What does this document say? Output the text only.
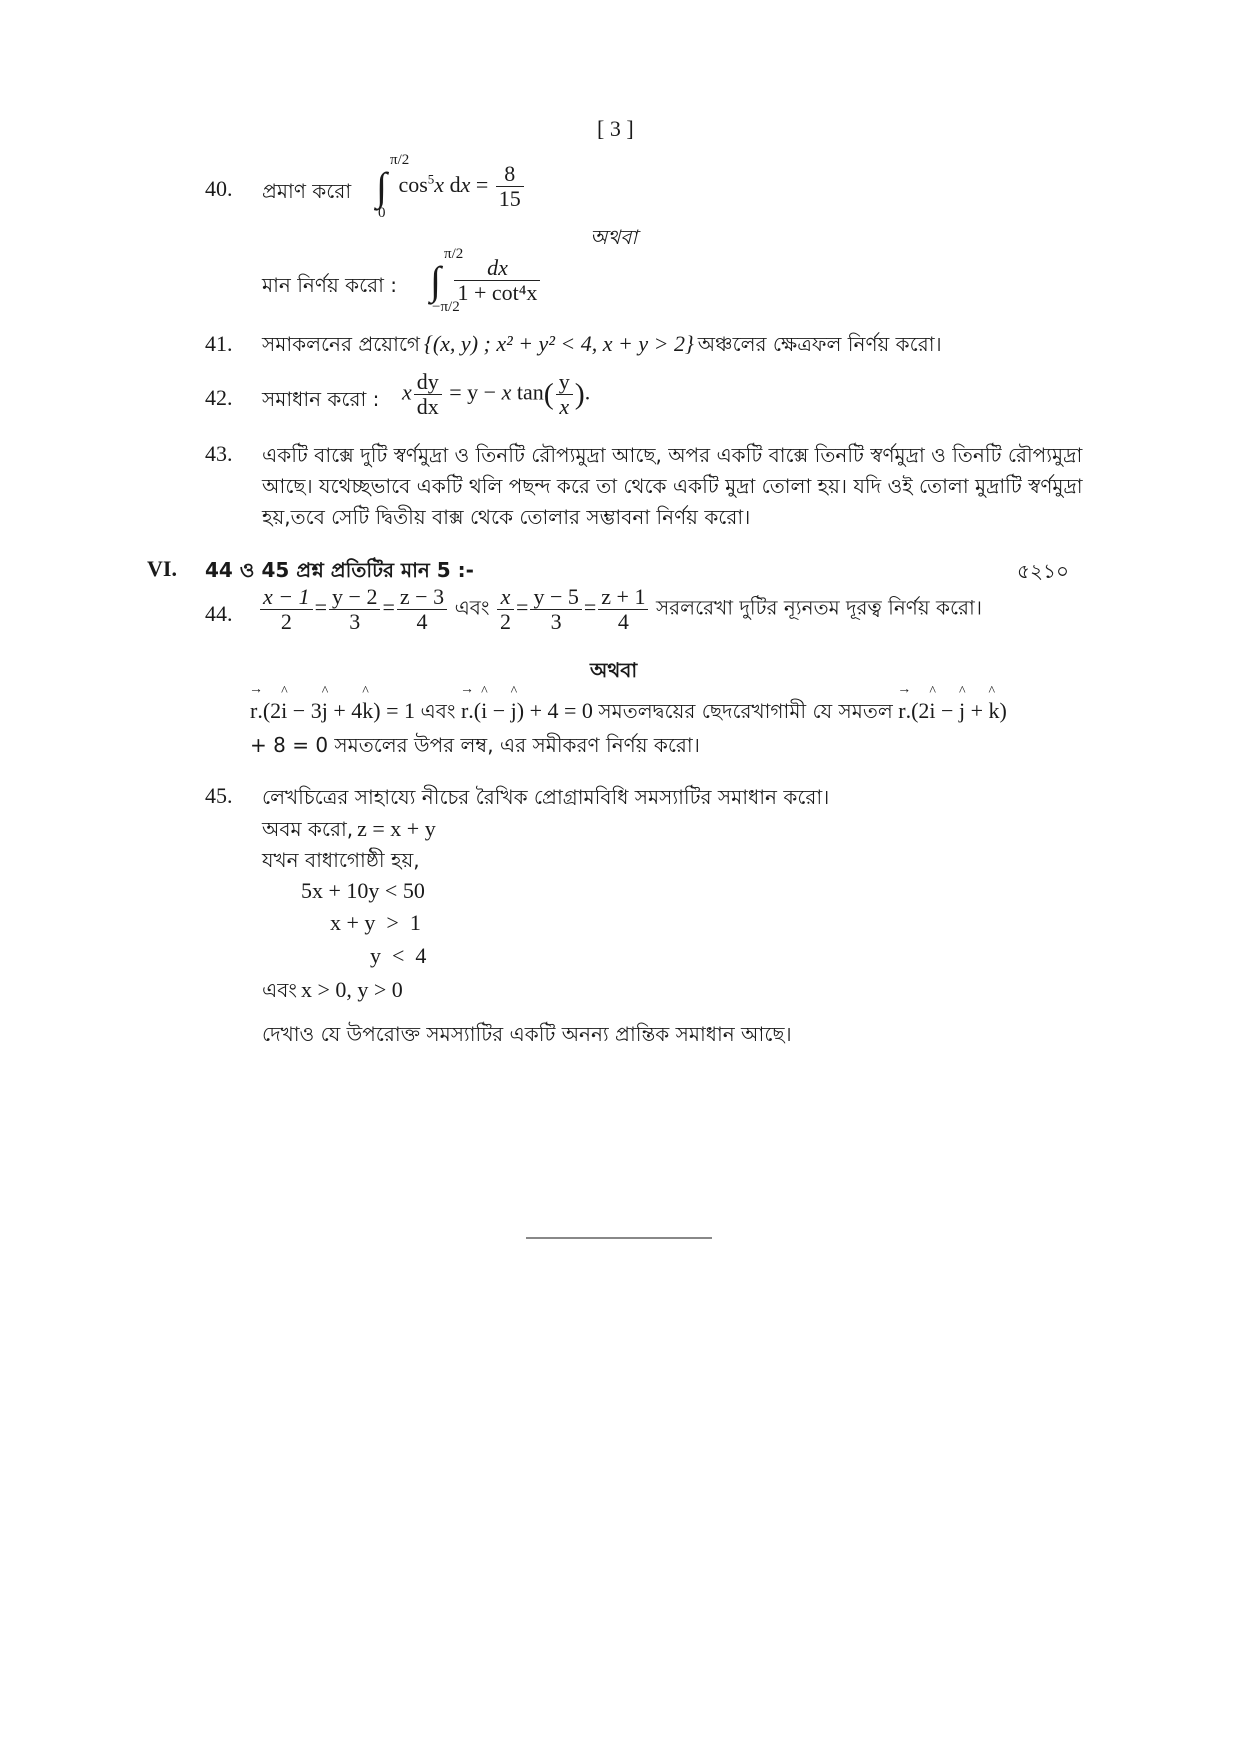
[ 3 ]
40. প্রমাণ করো ∫
π/2
0
$\cos^5x$ dx = $\frac{8}{15}$
অথবা
মান নির্ণয় করো : ∫
π/2
−π/2

$\frac{dx}{\text{1 + cot⁴x}}$
41. সমাকলনের প্রয়োগে {(x, y) ; x² + y² < 4, x + y > 2} অঞ্চলের ক্ষেত্রফল নির্ণয় করো।
42. সমাধান করো : x $\frac{dy}{dx} = y - x$ $\tan( \frac{y}{x}$ ).
43. একটি বাক্সে দুটি স্বর্ণমুদ্রা ও তিনটি রৌপ্যমুদ্রা আছে, অপর একটি বাক্সে তিনটি স্বর্ণমুদ্রা ও তিনটি রৌপ্যমুদ্রা
আছে। যথেচ্ছভাবে একটি থলি পছন্দ করে তা থেকে একটি মুদ্রা তোলা হয়। যদি ওই তোলা মুদ্রাটি স্বর্ণমুদ্রা
হয়,তবে সেটি দ্বিতীয় বাক্স থেকে তোলার সম্ভাবনা নির্ণয় করো।
VI. 44 ও 45 প্রশ্ন প্রতিটির মান 5 :-	৫২১০
44. $\frac{x - 1}{2} = \frac{y - 2}{3} = \frac{z - 3}{4}$ এবং $\frac{x}{2} = \frac{y - 5}{3} = \frac{z + 1}{4}$ সরলরেখা দুটির ন্যূনতম দূরত্ব নির্ণয় করো।
অথবা
→ r.(2^ i − 3^ j + 4^ k) = 1 এবং → r.(^ i − ^ j) + 4 = 0 সমতলদ্বয়ের ছেদরেখাগামী যে সমতল → r.(2^ i − ^ j + ^ k)
+ 8 = 0 সমতলের উপর লম্ব, এর সমীকরণ নির্ণয় করো।
45. লেখচিত্রের সাহায্যে নীচের রৈখিক প্রোগ্রামবিধি সমস্যাটির সমাধান করো।
অবম করো, z = x + y
যখন বাধাগোষ্ঠী হয়,
5x + 10y < 50
x + y  >  1
y  <  4
এবং x > 0, y > 0
দেখাও যে উপরোক্ত সমস্যাটির একটি অনন্য প্রান্তিক সমাধান আছে।
